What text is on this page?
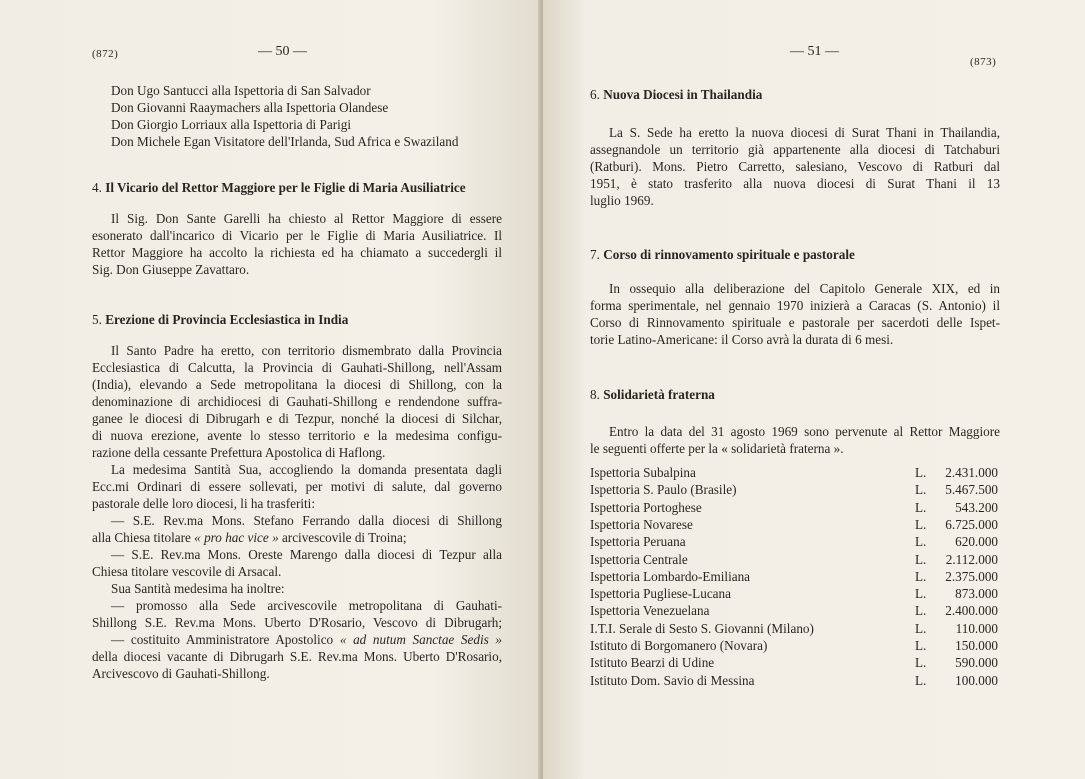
(872)	— 50 —
Don Ugo Santucci alla Ispettoria di San Salvador
Don Giovanni Raaymachers alla Ispettoria Olandese
Don Giorgio Lorriaux alla Ispettoria di Parigi
Don Michele Egan Visitatore dell'Irlanda, Sud Africa e Swaziland
4. Il Vicario del Rettor Maggiore per le Figlie di Maria Ausiliatrice
Il Sig. Don Sante Garelli ha chiesto al Rettor Maggiore di essere
esonerato dall'incarico di Vicario per le Figlie di Maria Ausiliatrice. Il
Rettor Maggiore ha accolto la richiesta ed ha chiamato a succedergli il
Sig. Don Giuseppe Zavattaro.
5. Erezione di Provincia Ecclesiastica in India
Il Santo Padre ha eretto, con territorio dismembrato dalla Provincia
Ecclesiastica di Calcutta, la Provincia di Gauhati-Shillong, nell'Assam
(India), elevando a Sede metropolitana la diocesi di Shillong, con la
denominazione di archidiocesi di Gauhati-Shillong e rendendone suffra-
ganee le diocesi di Dibrugarh e di Tezpur, nonché la diocesi di Silchar,
di nuova erezione, avente lo stesso territorio e la medesima configu-
razione della cessante Prefettura Apostolica di Haflong.
La medesima Santità Sua, accogliendo la domanda presentata dagli
Ecc.mi Ordinari di essere sollevati, per motivi di salute, dal governo
pastorale delle loro diocesi, li ha trasferiti:
— S.E. Rev.ma Mons. Stefano Ferrando dalla diocesi di Shillong
alla Chiesa titolare « pro hac vice » arcivescovile di Troina;
— S.E. Rev.ma Mons. Oreste Marengo dalla diocesi di Tezpur alla
Chiesa titolare vescovile di Arsacal.
Sua Santità medesima ha inoltre:
— promosso alla Sede arcivescovile metropolitana di Gauhati-
Shillong S.E. Rev.ma Mons. Uberto D'Rosario, Vescovo di Dibrugarh;
— costituito Amministratore Apostolico « ad nutum Sanctae Sedis »
della diocesi vacante di Dibrugarh S.E. Rev.ma Mons. Uberto D'Rosario,
Arcivescovo di Gauhati-Shillong.
— 51 —
(873)
6. Nuova Diocesi in Thailandia
La S. Sede ha eretto la nuova diocesi di Surat Thani in Thailandia,
assegnandole un territorio già appartenente alla diocesi di Tatchaburi
(Ratburi). Mons. Pietro Carretto, salesiano, Vescovo di Ratburi dal
1951, è stato trasferito alla nuova diocesi di Surat Thani il 13
luglio 1969.
7. Corso di rinnovamento spirituale e pastorale
In ossequio alla deliberazione del Capitolo Generale XIX, ed in
forma sperimentale, nel gennaio 1970 inizierà a Caracas (S. Antonio) il
Corso di Rinnovamento spirituale e pastorale per sacerdoti delle Ispet-
torie Latino-Americane: il Corso avrà la durata di 6 mesi.
8. Solidarietà fraterna
Entro la data del 31 agosto 1969 sono pervenute al Rettor Maggiore
le seguenti offerte per la « solidarietà fraterna ».
Ispettoria Subalpina	L. 2.431.000
Ispettoria S. Paulo (Brasile)	L. 5.467.500
Ispettoria Portoghese	L. 543.200
Ispettoria Novarese	L. 6.725.000
Ispettoria Peruana	L. 620.000
Ispettoria Centrale	L. 2.112.000
Ispettoria Lombardo-Emiliana	L. 2.375.000
Ispettoria Pugliese-Lucana	L. 873.000
Ispettoria Venezuelana	L. 2.400.000
I.T.I. Serale di Sesto S. Giovanni (Milano)	L. 110.000
Istituto di Borgomanero (Novara)	L. 150.000
Istituto Bearzi di Udine	L. 590.000
Istituto Dom. Savio di Messina	L. 100.000
